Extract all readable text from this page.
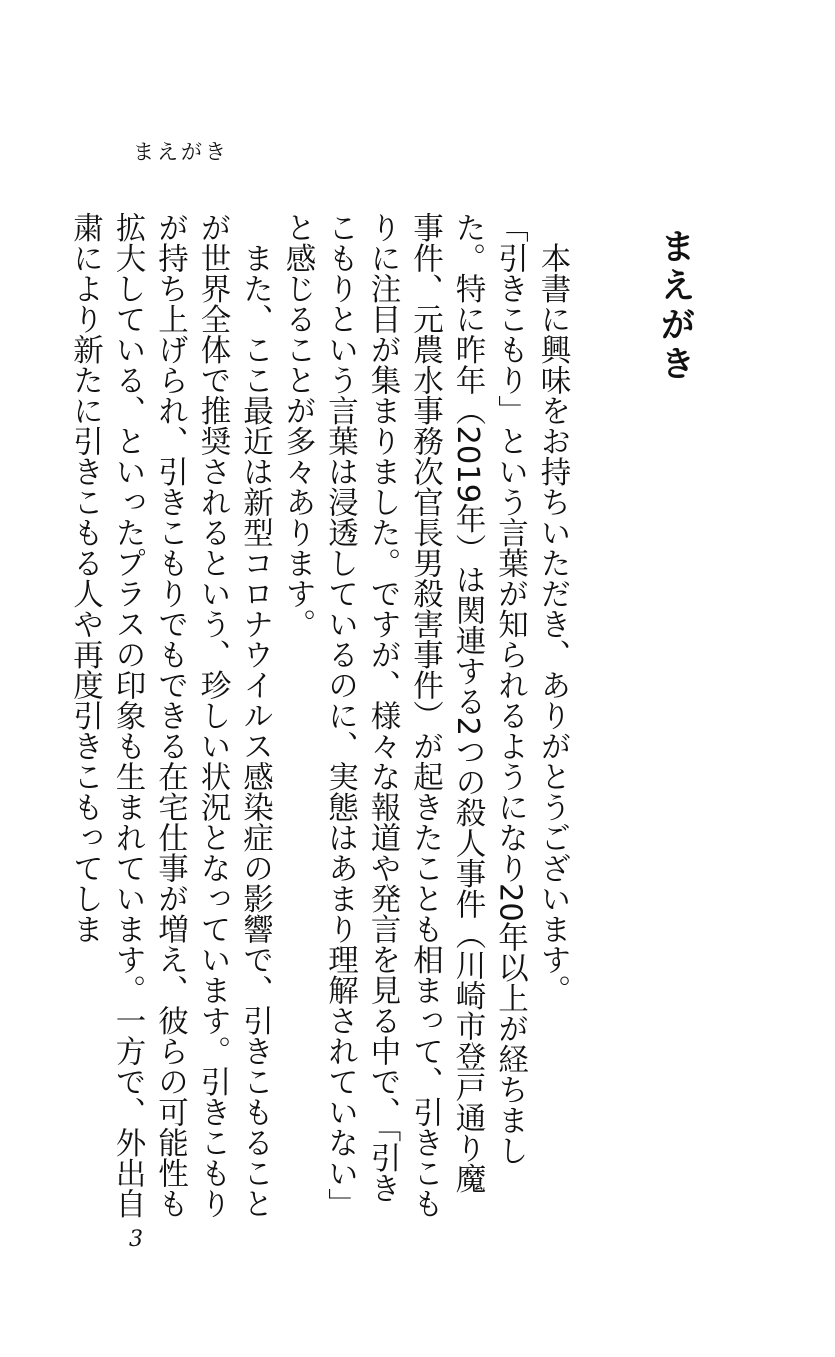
まえがき
まえがき

　本書に興味をお持ちいただき、ありがとうございます。

「引きこもり」という言葉が知られるようになり20年以上が経ちました。特に昨年（2019年）は関連する2つの殺人事件（川崎市登戸通り魔事件、元農水事務次官長男殺害事件）が起きたことも相まって、引きこもりに注目が集まりました。ですが、様々な報道や発言を見る中で、「引きこもりという言葉は浸透しているのに、実態はあまり理解されていない」と感じることが多々あります。

　また、ここ最近は新型コロナウイルス感染症の影響で、引きこもることが世界全体で推奨されるという、珍しい状況となっています。引きこもりが持ち上げられ、引きこもりでもできる在宅仕事が増え、彼らの可能性も拡大している、といったプラスの印象も生まれています。一方で、外出自粛により新たに引きこもる人や再度引きこもってしま

3
